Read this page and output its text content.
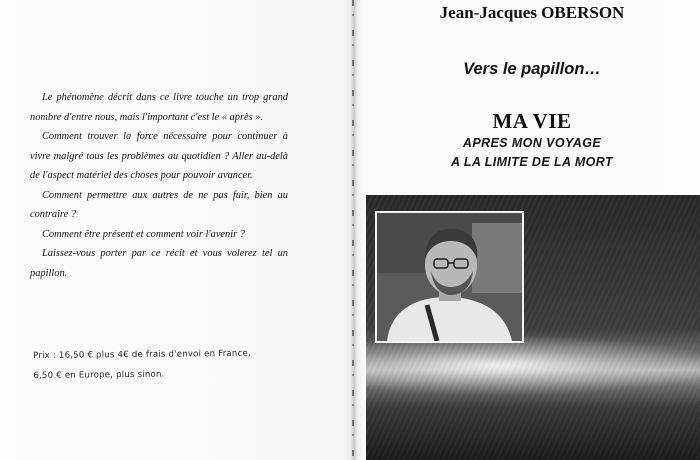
Le phénomène décrit dans ce livre touche un trop grand nombre d'entre nous, mais l'important c'est le « après ».

Comment trouver la force nécessaire pour continuer à vivre malgré tous les problèmes au quotidien ? Aller au-delà de l'aspect matériel des choses pour pouvoir avancer.

Comment permettre aux autres de ne pas fuir, bien au contraire ?

Comment être présent et comment voir l'avenir ?

Laissez-vous porter par ce récit et vous volerez tel un papillon.

Prix : 16,50 € plus 4€ de frais d'envoi en France,
6,50 € en Europe, plus sinon.
Jean-Jacques OBERSON
Vers le papillon…
MA VIE
APRES MON VOYAGE
A LA LIMITE DE LA MORT
